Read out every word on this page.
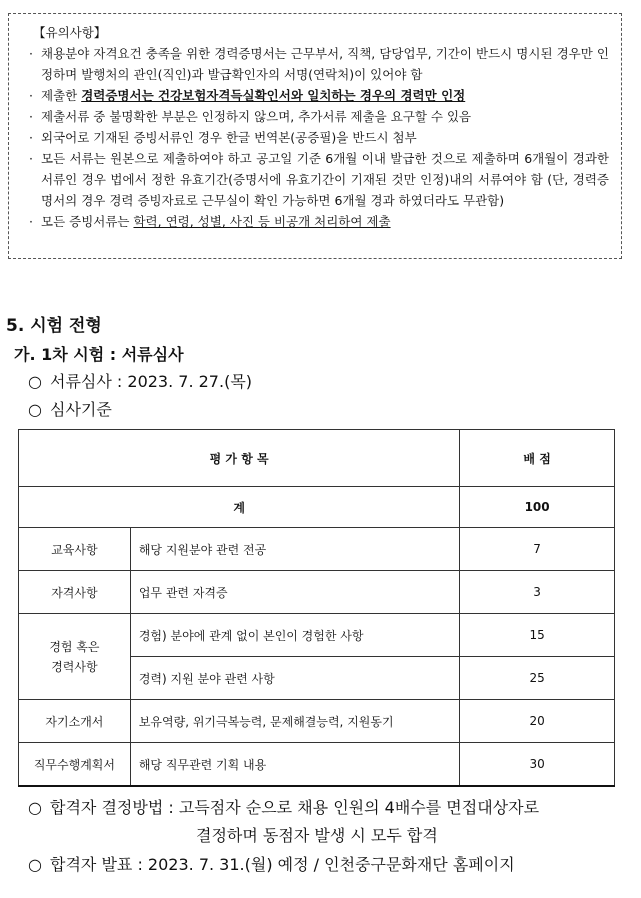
【유의사항】
· 채용분야 자격요건 충족을 위한 경력증명서는 근무부서, 직책, 담당업무, 기간이 반드시 명시된 경우만 인정하며 발행처의 관인(직인)과 발급확인자의 서명(연락처)이 있어야 함
· 제출한 경력증명서는 건강보험자격득실확인서와 일치하는 경우의 경력만 인정
· 제출서류 중 불명확한 부분은 인정하지 않으며, 추가서류 제출을 요구할 수 있음
· 외국어로 기재된 증빙서류인 경우 한글 번역본(공증필)을 반드시 첨부
· 모든 서류는 원본으로 제출하여야 하고 공고일 기준 6개월 이내 발급한 것으로 제출하며 6개월이 경과한 서류인 경우 법에서 정한 유효기간(증명서에 유효기간이 기재된 것만 인정)내의 서류여야 함 (단, 경력증명서의 경우 경력 증빙자료로 근무실이 확인 가능하면 6개월 경과 하였더라도 무관함)
· 모든 증빙서류는 학력, 연령, 성별, 사진 등 비공개 처리하여 제출
5. 시험 전형
가. 1차 시험 : 서류심사
○ 서류심사 : 2023. 7. 27.(목)
○ 심사기준
평 가 항 목		배 점
계		100
교육사항	해당 지원분야 관련 전공	7
자격사항	업무 관련 자격증	3

경험 혹은
경력사항	경험) 분야에 관계 없이 본인이 경험한 사항	15
	경력) 지원 분야 관련 사항	25
자기소개서	보유역량, 위기극복능력, 문제해결능력, 지원동기	20
직무수행계획서	해당 직무관련 기획 내용	30
○ 합격자 결정방법 : 고득점자 순으로 채용 인원의 4배수를 면접대상자로
결정하며 동점자 발생 시 모두 합격
○ 합격자 발표 : 2023. 7. 31.(월) 예정 / 인천중구문화재단 홈페이지
